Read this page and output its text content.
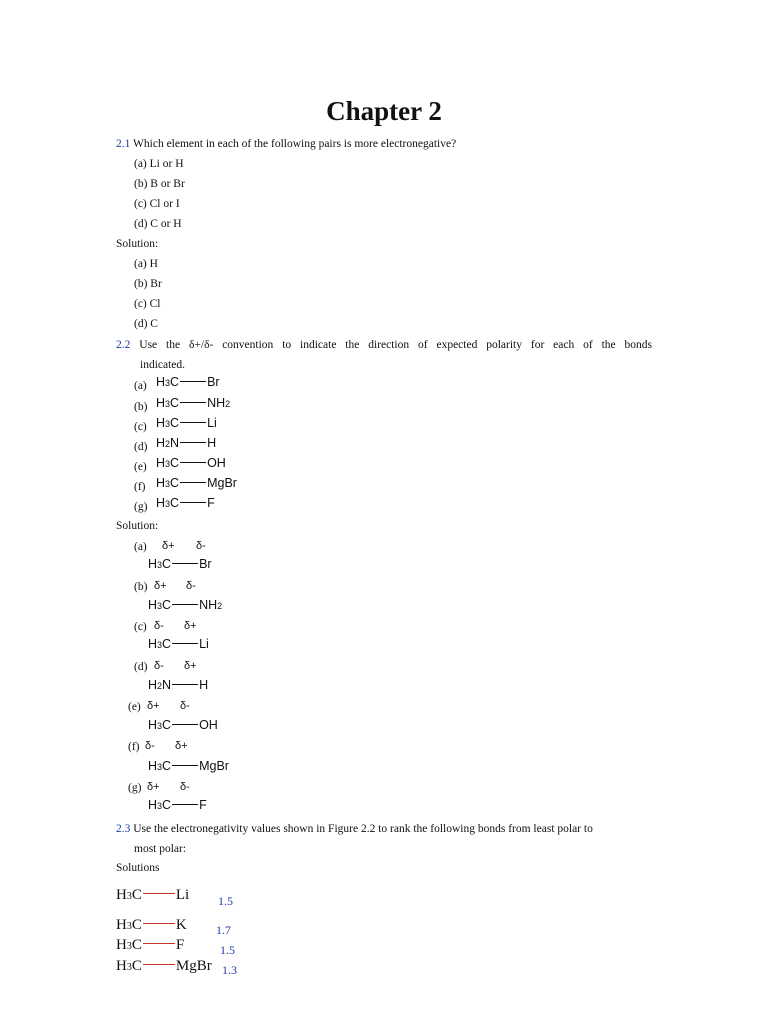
Chapter 2
2.1 Which element in each of the following pairs is more electronegative?
(a) Li or H
(b) B or Br
(c) Cl or I
(d) C or H
Solution:
(a) H
(b) Br
(c) Cl
(d) C
2.2 Use the δ+/δ- convention to indicate the direction of expected polarity for each of the bonds
indicated.
(a) H 3 C Br
(b) H 3 C NH 2
(c) H 3 C Li
(d) H 2 N H
(e) H 3 C OH
(f) H 3 C MgBr
(g) H 3 C F
Solution:
(a) δ+ δ-
H 3 C Br
(b) δ+ δ-
H 3 C NH 2
(c) δ- δ+
H 3 C Li
(d) δ- δ+
H 2 N H
(e) δ+ δ-
H 3 C OH
(f) δ- δ+
H 3 C MgBr
(g) δ+ δ-
H 3 C F
2.3 Use the electronegativity values shown in Figure 2.2 to rank the following bonds from least polar to
most polar:
Solutions
H 3 C Li 1.5
H 3 C K 1.7
H 3 C F	1.5
H 3 C MgBr 1.3
